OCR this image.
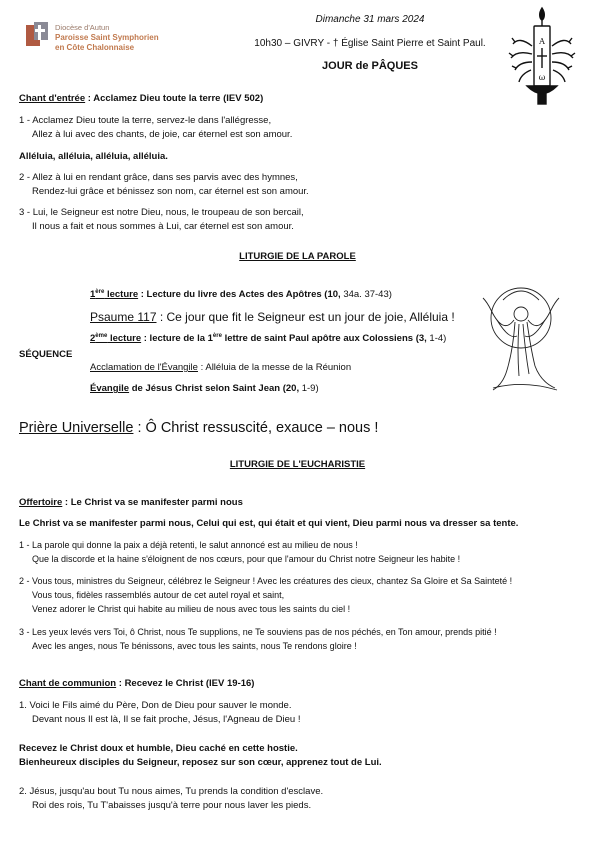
Diocèse d'Autun
Paroisse Saint Symphorien
en Côte Chalonnaise
Dimanche 31 mars 2024
10h30 – GIVRY - † Église Saint Pierre et Saint Paul.
JOUR de PÂQUES
A
ω
Chant d'entrée : Acclamez Dieu toute la terre (IEV 502)
1 - Acclamez Dieu toute la terre, servez-le dans l'allégresse,
Allez à lui avec des chants, de joie, car éternel est son amour.
Alléluia, alléluia, alléluia, alléluia.
2 - Allez à lui en rendant grâce, dans ses parvis avec des hymnes,
Rendez-lui grâce et bénissez son nom, car éternel est son amour.
3 - Lui, le Seigneur est notre Dieu, nous, le troupeau de son bercail,
Il nous a fait et nous sommes à Lui, car éternel est son amour.
LITURGIE DE LA PAROLE
1ère lecture : Lecture du livre des Actes des Apôtres (10, 34a. 37-43)
Psaume 117 : Ce jour que fit le Seigneur est un jour de joie, Alléluia !
2ème lecture : lecture de la 1ère lettre de saint Paul apôtre aux Colossiens (3, 1-4)
SÉQUENCE
Acclamation de l'Évangile : Alléluia de la messe de la Réunion
Évangile de Jésus Christ selon Saint Jean (20, 1-9)
Prière Universelle : Ô Christ ressuscité, exauce – nous !
LITURGIE DE L'EUCHARISTIE
Offertoire : Le Christ va se manifester parmi nous
Le Christ va se manifester parmi nous, Celui qui est, qui était et qui vient, Dieu parmi nous va dresser sa tente.
1 - La parole qui donne la paix a déjà retenti, le salut annoncé est au milieu de nous !
Que la discorde et la haine s'éloignent de nos cœurs, pour que l'amour du Christ notre Seigneur les habite !
2 - Vous tous, ministres du Seigneur, célébrez le Seigneur ! Avec les créatures des cieux, chantez Sa Gloire et Sa Sainteté !
Vous tous, fidèles rassemblés autour de cet autel royal et saint,
Venez adorer le Christ qui habite au milieu de nous avec tous les saints du ciel !
3 - Les yeux levés vers Toi, ô Christ, nous Te supplions, ne Te souviens pas de nos péchés, en Ton amour, prends pitié !
Avec les anges, nous Te bénissons, avec tous les saints, nous Te rendons gloire !
Chant de communion : Recevez le Christ (IEV 19-16)
1. Voici le Fils aimé du Père, Don de Dieu pour sauver le monde.
Devant nous Il est là, Il se fait proche, Jésus, l'Agneau de Dieu !
Recevez le Christ doux et humble, Dieu caché en cette hostie.
Bienheureux disciples du Seigneur, reposez sur son cœur, apprenez tout de Lui.
2. Jésus, jusqu'au bout Tu nous aimes, Tu prends la condition d'esclave.
Roi des rois, Tu T'abaisses jusqu'à terre pour nous laver les pieds.
